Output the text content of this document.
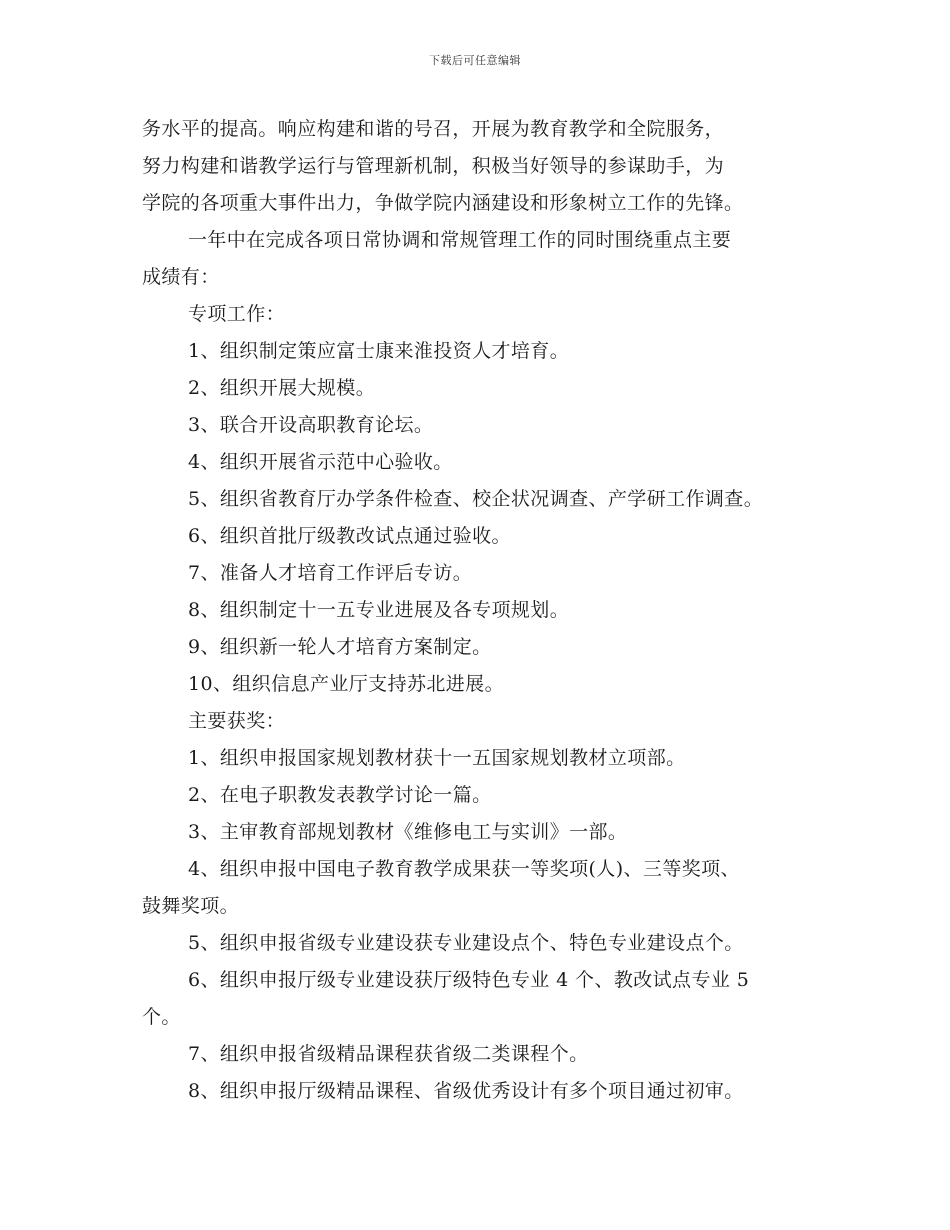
下载后可任意编辑
务水平的提高。响应构建和谐的号召，开展为教育教学和全院服务，
努力构建和谐教学运行与管理新机制，积极当好领导的参谋助手，为
学院的各项重大事件出力，争做学院内涵建设和形象树立工作的先锋。
一年中在完成各项日常协调和常规管理工作的同时围绕重点主要
成绩有：
专项工作：
1、组织制定策应富士康来淮投资人才培育。
2、组织开展大规模。
3、联合开设高职教育论坛。
4、组织开展省示范中心验收。
5、组织省教育厅办学条件检查、校企状况调查、产学研工作调查。
6、组织首批厅级教改试点通过验收。
7、准备人才培育工作评后专访。
8、组织制定十一五专业进展及各专项规划。
9、组织新一轮人才培育方案制定。
10、组织信息产业厅支持苏北进展。
主要获奖：
1、组织申报国家规划教材获十一五国家规划教材立项部。
2、在电子职教发表教学讨论一篇。
3、主审教育部规划教材《维修电工与实训》一部。
4、组织申报中国电子教育教学成果获一等奖项(人)、三等奖项、
鼓舞奖项。
5、组织申报省级专业建设获专业建设点个、特色专业建设点个。
6、组织申报厅级专业建设获厅级特色专业 4 个、教改试点专业 5
个。
7、组织申报省级精品课程获省级二类课程个。
8、组织申报厅级精品课程、省级优秀设计有多个项目通过初审。
